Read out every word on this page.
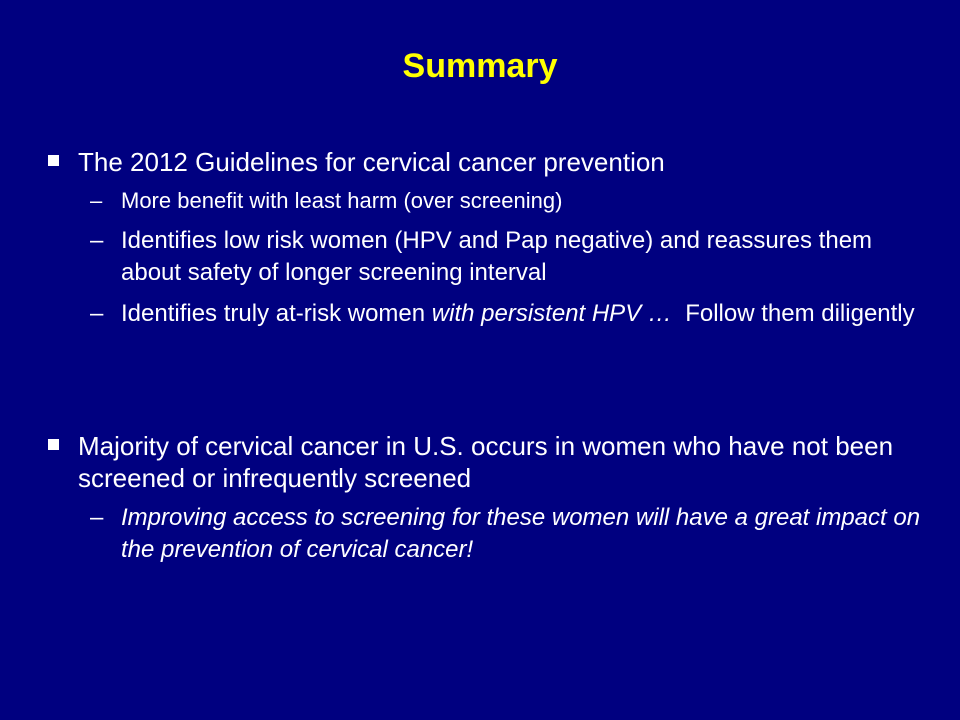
Summary
The 2012 Guidelines for cervical cancer prevention
– More benefit with least harm (over screening)
– Identifies low risk women (HPV and Pap negative) and reassures them about safety of longer screening interval
– Identifies truly at-risk women with persistent HPV …  Follow them diligently
Majority of cervical cancer in U.S. occurs in women who have not been screened or infrequently screened
– Improving access to screening for these women will have a great impact on the prevention of cervical cancer!
